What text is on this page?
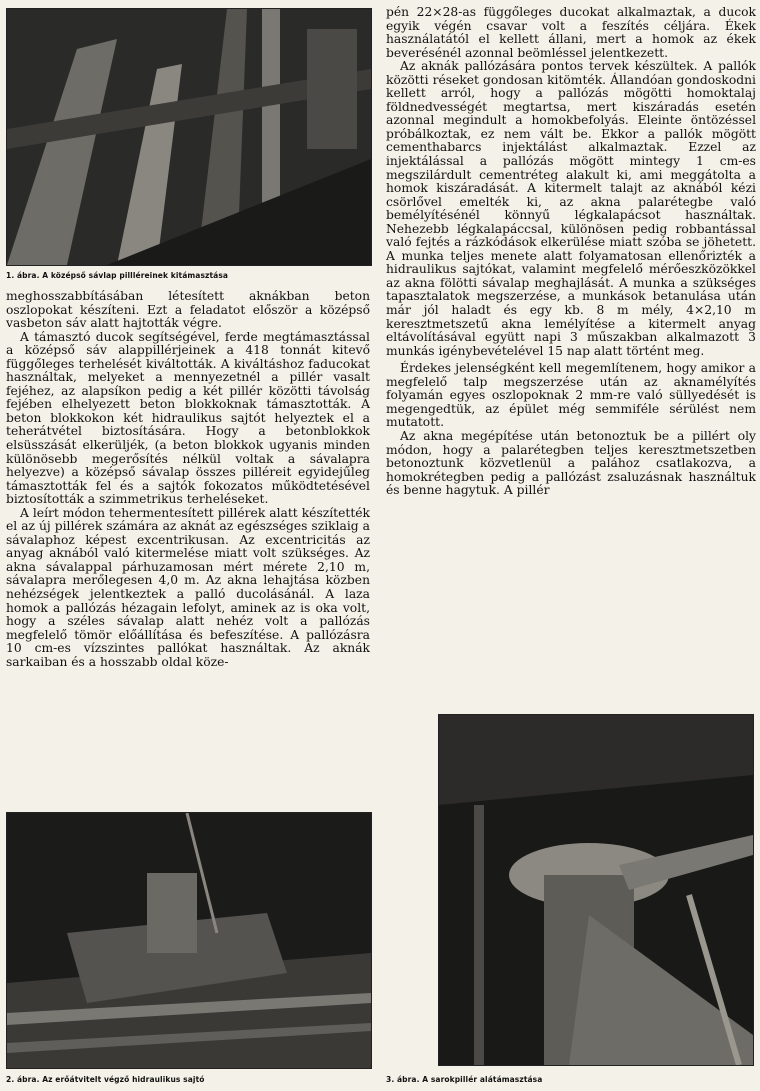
1. ábra. A középső sávlap pillléreinek kitámasztása

meghosszabbításában létesített aknákban beton oszlopokat készíteni. Ezt a feladatot először a középső vasbeton sáv alatt hajtották végre.

A támasztó ducok segítségével, ferde megtámasztással a középső sáv alappillérjeinek a 418 tonnát kitevő függőleges terhelését kiváltották. A kiváltáshoz faducokat használtak, melyeket a mennyezetnél a pillér vasalt fejéhez, az alapsíkon pedig a két pillér közötti távolság fejében elhelyezett beton blokkoknak támasztották. A beton blokkokon két hidraulikus sajtót helyeztek el a teherátvétel biztosítására. Hogy a betonblokkok elsüsszását elkerüljék, (a beton blokkok ugyanis minden különösebb megerősítés nélkül voltak a sávalapra helyezve) a középső sávalap összes pilléreit egyidejűleg támasztották fel és a sajtók fokozatos működtetésével biztosították a szimmetrikus terheléseket.

A leírt módon tehermentesített pillérek alatt készítették el az új pillérek számára az aknát az egészséges sziklaig a sávalaphoz képest excentrikusan. Az excentricitás az anyag aknából való kitermelése miatt volt szükséges. Az akna sávalappal párhuzamosan mért mérete 2,10 m, sávalapra merőlegesen 4,0 m. Az akna lehajtása közben nehézségek jelentkeztek a palló ducolásánál. A laza homok a pallózás hézagain lefolyt, aminek az is oka volt, hogy a széles sávalap alatt nehéz volt a pallózás megfelelő tömör előállítása és befeszítése. A pallózásra 10 cm-es vízszintes pallókat használtak. Az aknák sarkaiban és a hosszabb oldal köze-

2. ábra. Az erőátvitelt végző hidraulikus sajtó

pén 22×28-as függőleges ducokat alkalmaztak, a ducok egyik végén csavar volt a feszítés céljára. Ékek használatától el kellett állani, mert a homok az ékek beverésénél azonnal beömléssel jelentkezett.

Az aknák pallózására pontos tervek készültek. A pallók közötti réseket gondosan kitömték. Állandóan gondoskodni kellett arról, hogy a pallózás mögötti homoktalaj földnedvességét megtartsa, mert kiszáradás esetén azonnal megindult a homokbefolyás. Eleinte öntözéssel próbálkoztak, ez nem vált be. Ekkor a pallók mögött cementhabarcs injektálást alkalmaztak. Ezzel az injektálással a pallózás mögött mintegy 1 cm-es megszilárdult cementréteg alakult ki, ami meggátolta a homok kiszáradását. A kitermelt talajt az aknából kézi csörlővel emelték ki, az akna palarétegbe való bemélyítésénél könnyű légkalapácsot használtak. Nehezebb légkalapáccsal, különösen pedig robbantással való fejtés a rázkódások elkerülése miatt szóba se jöhetett. A munka teljes menete alatt folyamatosan ellenőrizték a hidraulikus sajtókat, valamint megfelelő mérőeszközökkel az akna fölötti sávalap meghajlását. A munka a szükséges tapasztalatok megszerzése, a munkások betanulása után már jól haladt és egy kb. 8 m mély, 4×2,10 m keresztmetszetű akna lemélyítése a kitermelt anyag eltávolításával együtt napi 3 műszakban alkalmazott 3 munkás igénybevételével 15 nap alatt történt meg.

Érdekes jelenségként kell megemlítenem, hogy amikor a megfelelő talp megszerzése után az aknamélyítés folyamán egyes oszlopoknak 2 mm-re való süllyedését is megengedtük, az épület még semmiféle sérülést nem mutatott.

Az akna megépítése után betonoztuk be a pillért oly módon, hogy a palarétegben teljes keresztmetszetben betonoztunk közvetlenül a palához csatlakozva, a homokrétegben pedig a pallózást zsaluzásnak használtuk és benne hagytuk. A pillér

3. ábra. A sarokpillér alátámasztása
